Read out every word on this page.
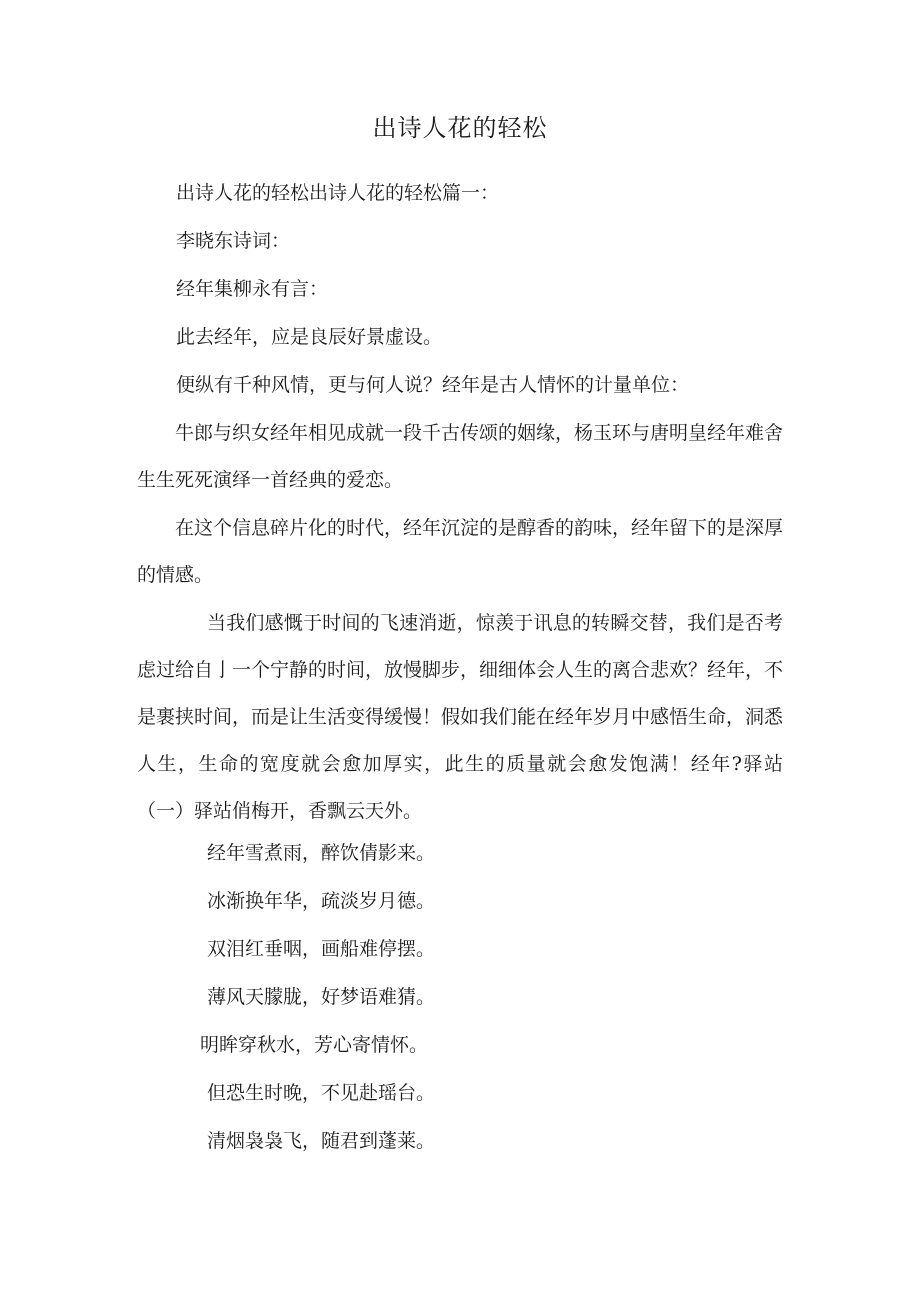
出诗人花的轻松
出诗人花的轻松出诗人花的轻松篇一：
李晓东诗词：
经年集柳永有言：
此去经年，应是良辰好景虚设。
便纵有千种风情，更与何人说？经年是古人情怀的计量单位：
牛郎与织女经年相见成就一段千古传颂的姻缘，杨玉环与唐明皇经年难舍生生死死演绎一首经典的爱恋。
在这个信息碎片化的时代，经年沉淀的是醇香的韵味，经年留下的是深厚的情感。
当我们感慨于时间的飞速消逝，惊羡于讯息的转瞬交替，我们是否考虑过给自亅一个宁静的时间，放慢脚步，细细体会人生的离合悲欢？经年，不是裹挟时间，而是让生活变得缓慢！假如我们能在经年岁月中感悟生命，洞悉人生，生命的宽度就会愈加厚实，此生的质量就会愈发饱满！经年?驿站（一）驿站俏梅开，香飘云天外。
经年雪煮雨，醉饮倩影来。
冰渐换年华，疏淡岁月德。
双泪红垂咽，画船难停摆。
薄风天朦胧，好梦语难猜。
明眸穿秋水，芳心寄情怀。
但恐生时晚，不见赴瑶台。
清烟袅袅飞，随君到蓬莱。
